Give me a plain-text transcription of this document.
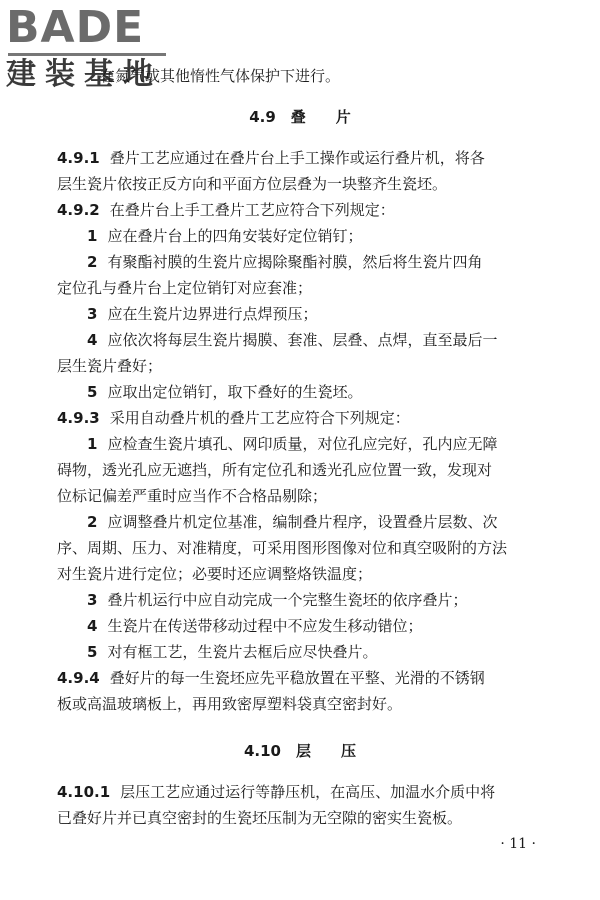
BADE
建装基地
在氮气或其他惰性气体保护下进行。
4.9　叠　　片
4.9.1 叠片工艺应通过在叠片台上手工操作或运行叠片机，将各
层生瓷片依按正反方向和平面方位层叠为一块整齐生瓷坯。
4.9.2 在叠片台上手工叠片工艺应符合下列规定：
1 应在叠片台上的四角安装好定位销钉；
2 有聚酯衬膜的生瓷片应揭除聚酯衬膜，然后将生瓷片四角
定位孔与叠片台上定位销钉对应套准；
3 应在生瓷片边界进行点焊预压；
4 应依次将每层生瓷片揭膜、套准、层叠、点焊，直至最后一
层生瓷片叠好；
5 应取出定位销钉，取下叠好的生瓷坯。
4.9.3 采用自动叠片机的叠片工艺应符合下列规定：
1 应检查生瓷片填孔、网印质量，对位孔应完好，孔内应无障
碍物，透光孔应无遮挡，所有定位孔和透光孔应位置一致，发现对
位标记偏差严重时应当作不合格品剔除；
2 应调整叠片机定位基准，编制叠片程序，设置叠片层数、次
序、周期、压力、对准精度，可采用图形图像对位和真空吸附的方法
对生瓷片进行定位；必要时还应调整烙铁温度；
3 叠片机运行中应自动完成一个完整生瓷坯的依序叠片；
4 生瓷片在传送带移动过程中不应发生移动错位；
5 对有框工艺，生瓷片去框后应尽快叠片。
4.9.4 叠好片的每一生瓷坯应先平稳放置在平整、光滑的不锈钢
板或高温玻璃板上，再用致密厚塑料袋真空密封好。
4.10　层　　压
4.10.1 层压工艺应通过运行等静压机，在高压、加温水介质中将
已叠好片并已真空密封的生瓷坯压制为无空隙的密实生瓷板。
· 11 ·
